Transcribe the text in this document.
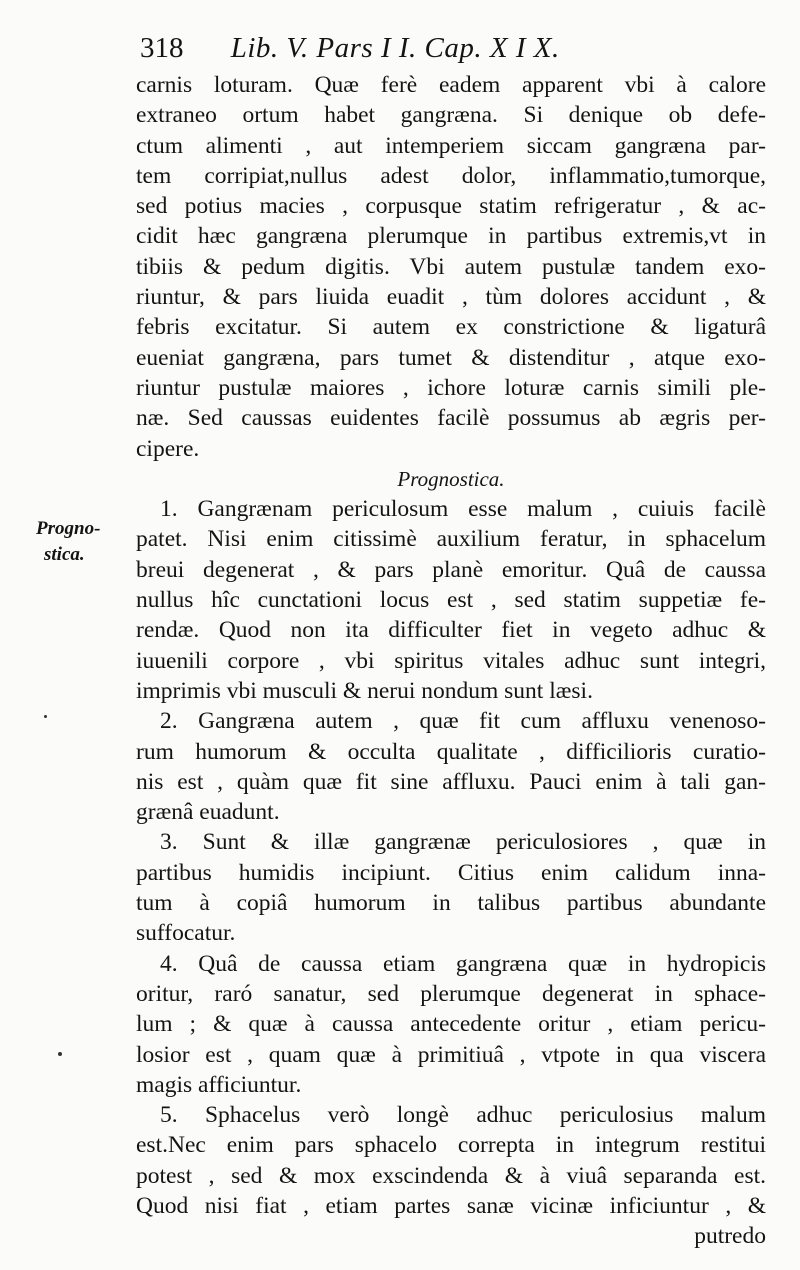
318 Lib. V. Pars I I. Cap. X I X.
Progno-
stica.
carnis loturam. Quæ ferè eadem apparent vbi à calore
extraneo ortum habet gangræna. Si denique ob defe-
ctum alimenti , aut intemperiem siccam gangræna par-
tem corripiat,nullus adest dolor, inflammatio,tumorque,
sed potius macies , corpusque statim refrigeratur , & ac-
cidit hæc gangræna plerumque in partibus extremis,vt in
tibiis & pedum digitis. Vbi autem pustulæ tandem exo-
riuntur, & pars liuida euadit , tùm dolores accidunt , &
febris excitatur. Si autem ex constrictione & ligaturâ
eueniat gangræna, pars tumet & distenditur , atque exo-
riuntur pustulæ maiores , ichore loturæ carnis simili ple-
næ. Sed caussas euidentes facilè possumus ab ægris per-
cipere.
Prognostica.
1. Gangrænam periculosum esse malum , cuiuis facilè
patet. Nisi enim citissimè auxilium feratur, in sphacelum
breui degenerat , & pars planè emoritur. Quâ de caussa
nullus hîc cunctationi locus est , sed statim suppetiæ fe-
rendæ. Quod non ita difficulter fiet in vegeto adhuc &
iuuenili corpore , vbi spiritus vitales adhuc sunt integri,
imprimis vbi musculi & nerui nondum sunt læsi.
2. Gangræna autem , quæ fit cum affluxu venenoso-
rum humorum & occulta qualitate , difficilioris curatio-
nis est , quàm quæ fit sine affluxu. Pauci enim à tali gan-
grænâ euadunt.
3. Sunt & illæ gangrænæ periculosiores , quæ in
partibus humidis incipiunt. Citius enim calidum inna-
tum à copiâ humorum in talibus partibus abundante
suffocatur.
4. Quâ de caussa etiam gangræna quæ in hydropicis
oritur, raró sanatur, sed plerumque degenerat in sphace-
lum ; & quæ à caussa antecedente oritur , etiam pericu-
losior est , quam quæ à primitiuâ , vtpote in qua viscera
magis afficiuntur.
5. Sphacelus verò longè adhuc periculosius malum
est.Nec enim pars sphacelo correpta in integrum restitui
potest , sed & mox exscindenda & à viuâ separanda est.
Quod nisi fiat , etiam partes sanæ vicinæ inficiuntur , &
putredo
